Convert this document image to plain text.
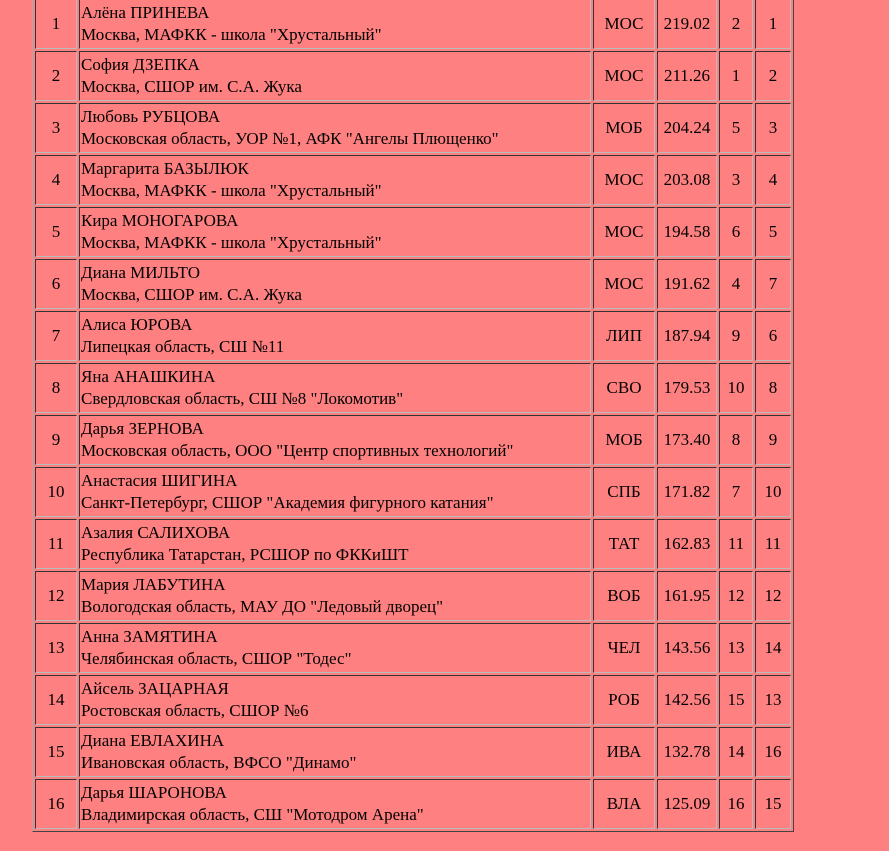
1	Алёна ПРИНЕВА
Москва, МАФКК - школа "Хрустальный"	МОС	219.02	2	1
2	София ДЗЕПКА
Москва, СШОР им. С.А. Жука	МОС	211.26	1	2
3	Любовь РУБЦОВА
Московская область, УОР №1, АФК "Ангелы Плющенко"	МОБ	204.24	5	3
4	Маргарита БАЗЫЛЮК
Москва, МАФКК - школа "Хрустальный"	МОС	203.08	3	4
5	Кира МОНОГАРОВА
Москва, МАФКК - школа "Хрустальный"	МОС	194.58	6	5
6	Диана МИЛЬТО
Москва, СШОР им. С.А. Жука	МОС	191.62	4	7
7	Алиса ЮРОВА
Липецкая область, СШ №11	ЛИП	187.94	9	6
8	Яна АНАШКИНА
Свердловская область, СШ №8 "Локомотив"	СВО	179.53	10	8
9	Дарья ЗЕРНОВА
Московская область, ООО "Центр спортивных технологий"	МОБ	173.40	8	9
10	Анастасия ШИГИНА
Санкт-Петербург, СШОР "Академия фигурного катания"	СПБ	171.82	7	10
11	Азалия САЛИХОВА
Республика Татарстан, РСШОР по ФККиШТ	ТАТ	162.83	11	11
12	Мария ЛАБУТИНА
Вологодская область, МАУ ДО "Ледовый дворец"	ВОБ	161.95	12	12
13	Анна ЗАМЯТИНА
Челябинская область, СШОР "Тодес"	ЧЕЛ	143.56	13	14
14	Айсель ЗАЦАРНАЯ
Ростовская область, СШОР №6	РОБ	142.56	15	13
15	Диана ЕВЛАХИНА
Ивановская область, ВФСО "Динамо"	ИВА	132.78	14	16
16	Дарья ШАРОНОВА
Владимирская область, СШ "Мотодром Арена"	ВЛА	125.09	16	15
